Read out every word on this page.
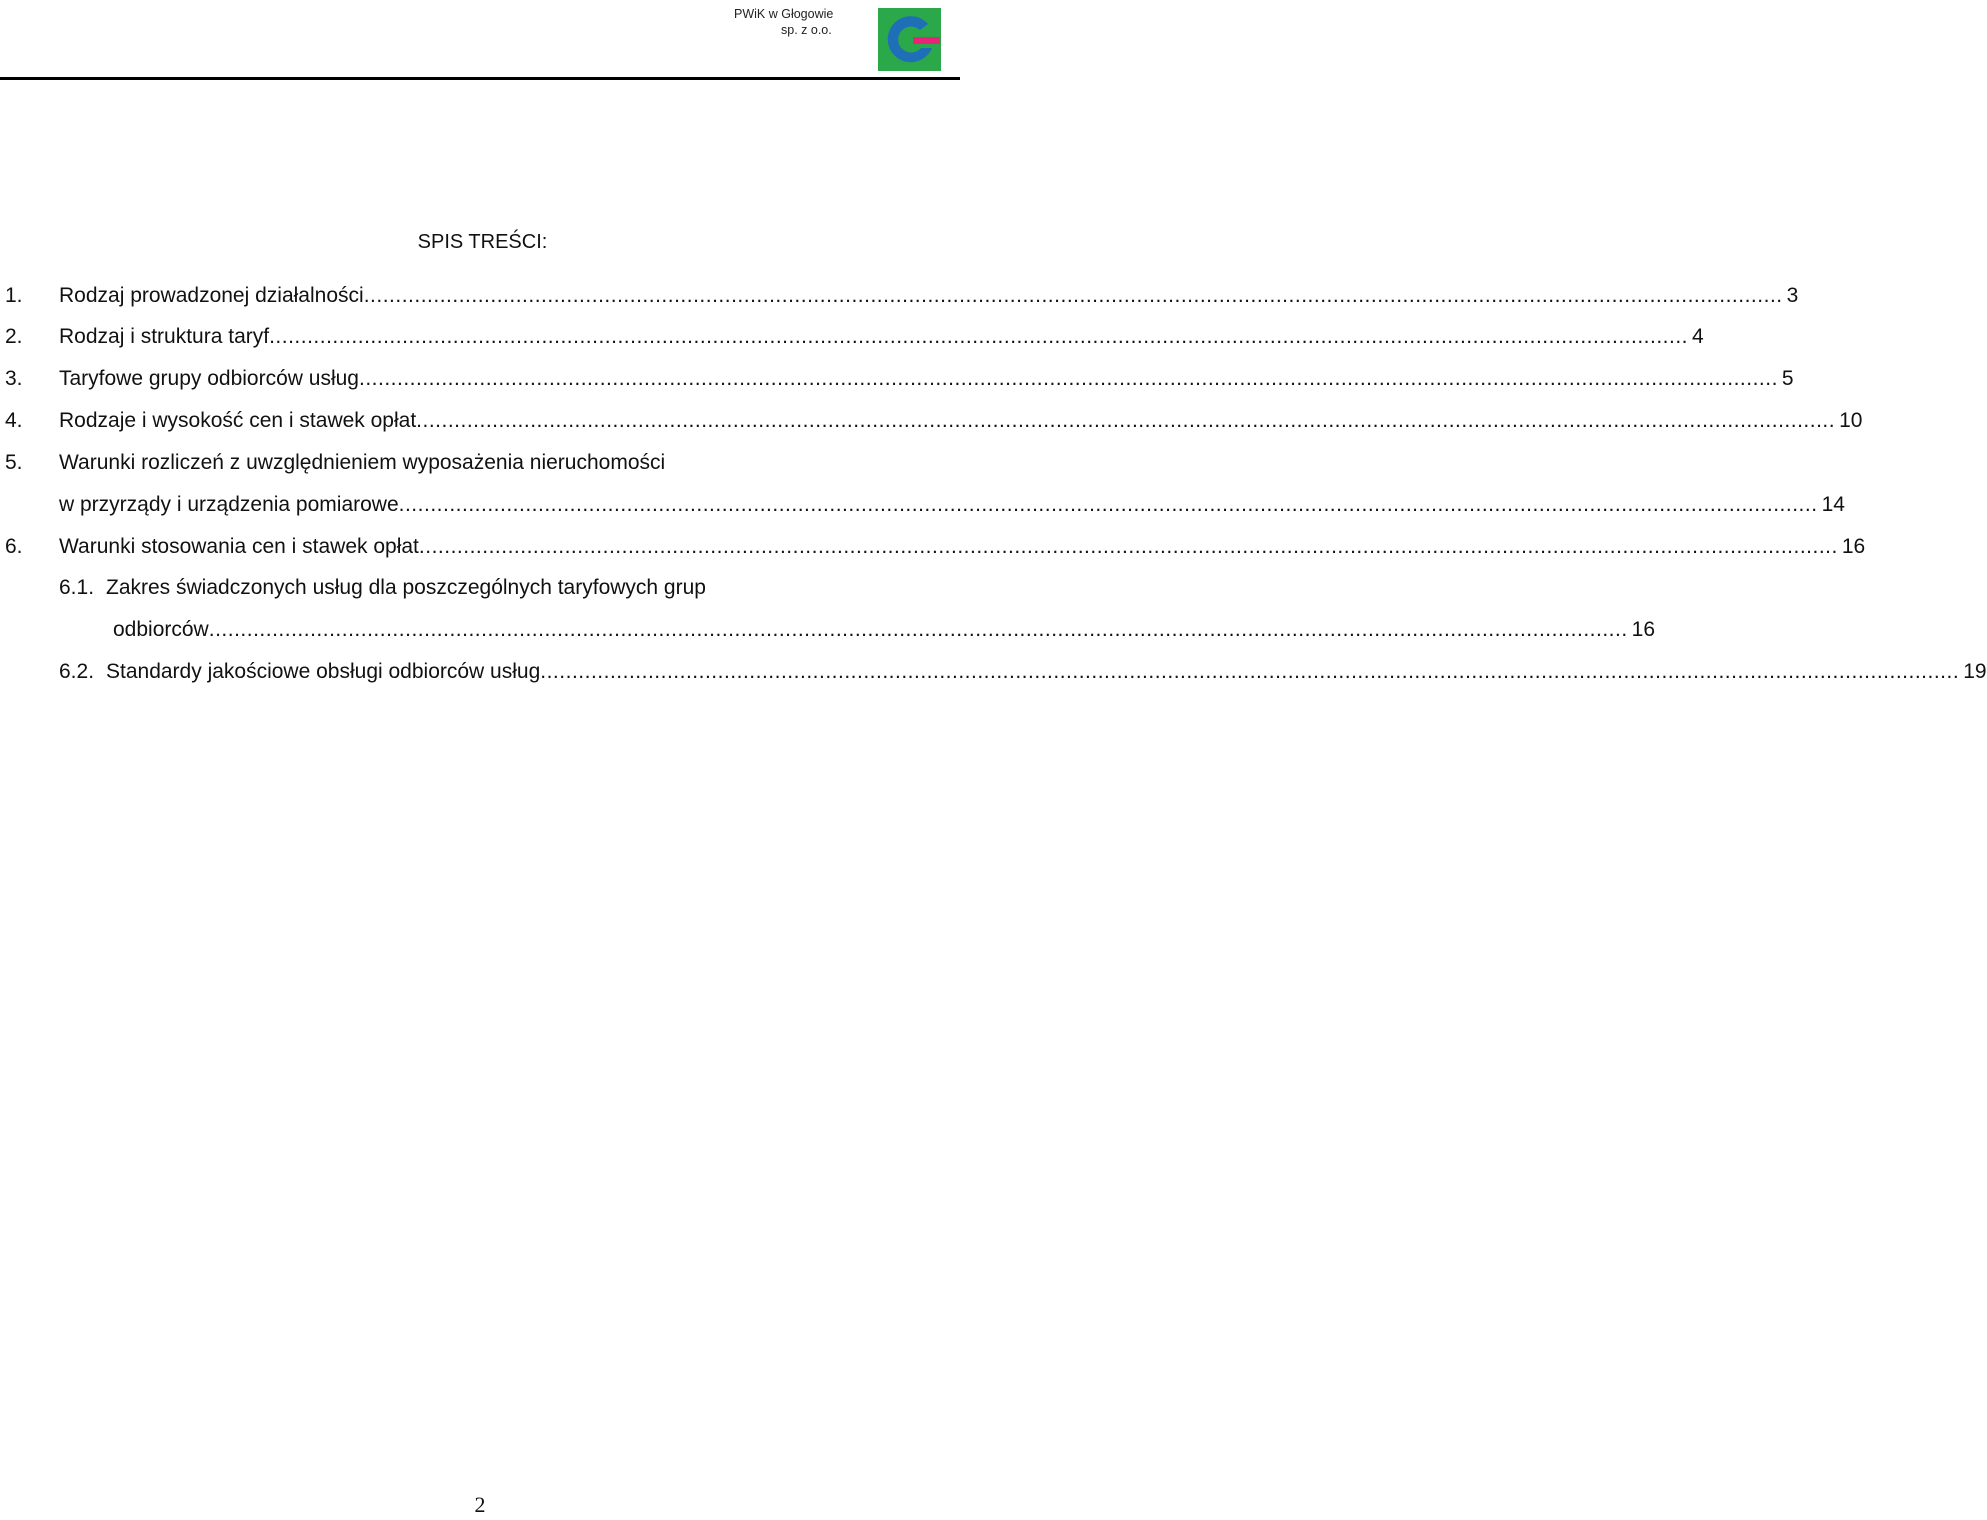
PWiK w Głogowie
sp. z o.o.
SPIS TREŚCI:
1. Rodzaj prowadzonej działalności ................................................................................................................................................................................................................................ 3
2. Rodzaj i struktura taryf ................................................................................................................................................................................................................................ 4
3. Taryfowe grupy odbiorców usług ................................................................................................................................................................................................................................ 5
4. Rodzaje i wysokość cen i stawek opłat ................................................................................................................................................................................................................................ 10
5. Warunki rozliczeń z uwzględnieniem wyposażenia nieruchomości
w przyrządy i urządzenia pomiarowe ................................................................................................................................................................................................................................ 14
6. Warunki stosowania cen i stawek opłat ................................................................................................................................................................................................................................ 16
6.1. Zakres świadczonych usług dla poszczególnych taryfowych grup
odbiorców ................................................................................................................................................................................................................................ 16
6.2. Standardy jakościowe obsługi odbiorców usług ................................................................................................................................................................................................................................ 19
2
